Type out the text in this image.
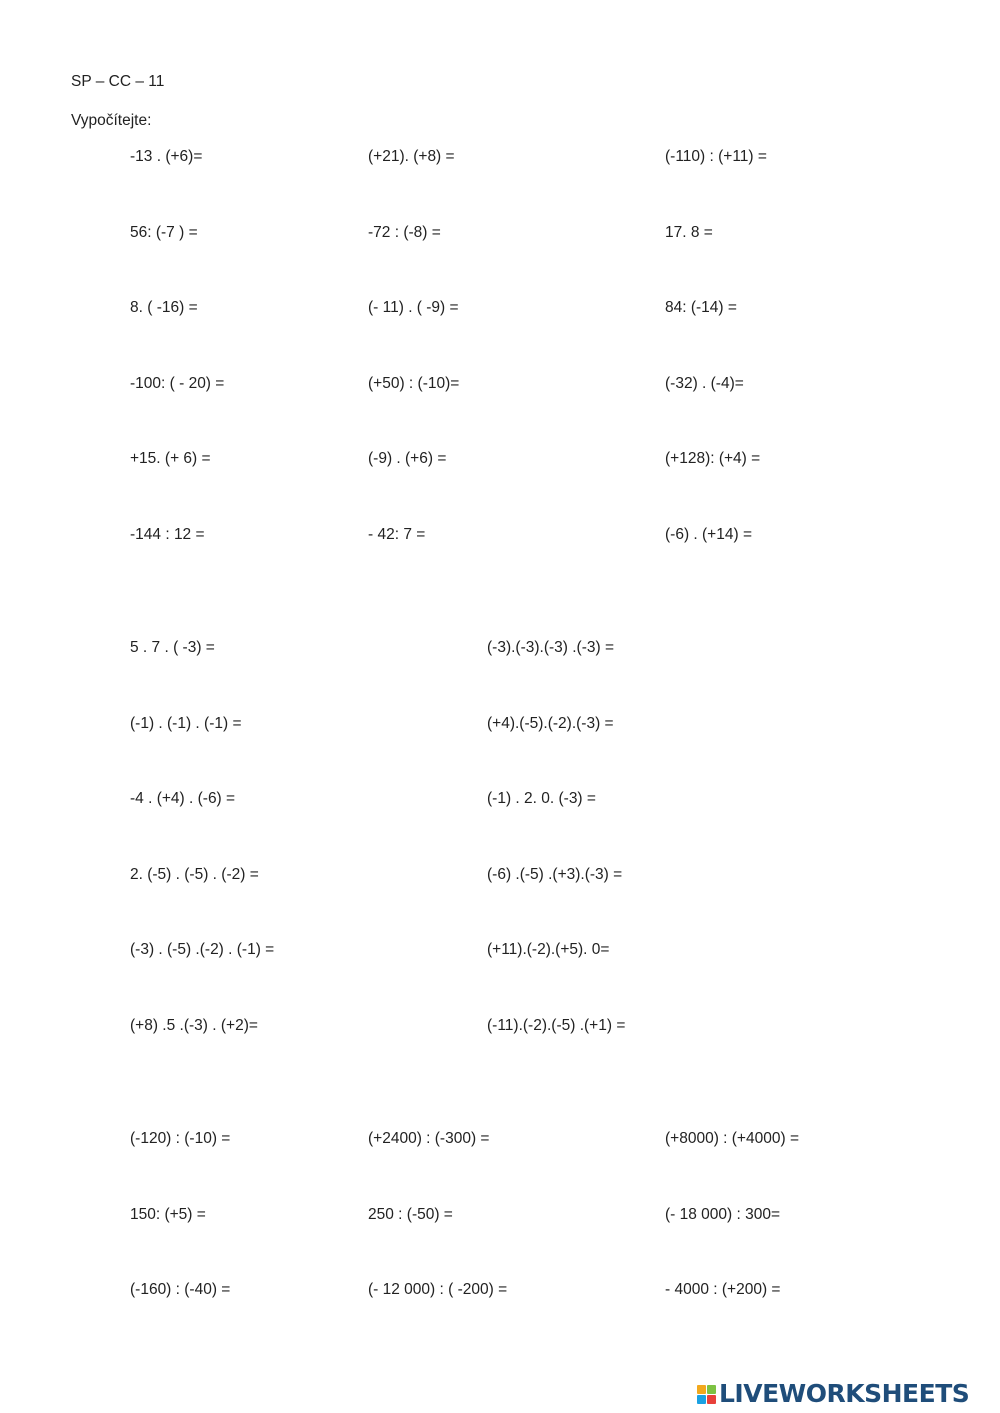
SP – CC – 11
Vypočítejte:
-13 . (+6)=	(+21). (+8) =	(-110) : (+11) =
56: (-7 ) =	-72 : (-8) =	17. 8 =
8. ( -16) =	(- 11) . ( -9) =	84: (-14) =
-100: ( - 20) =	(+50) : (-10)=	(-32) . (-4)=
+15. (+ 6) =	(-9) . (+6) =	(+128): (+4) =
-144 : 12 =	- 42: 7 =	(-6) . (+14) =
5 . 7 . ( -3) =	(-3).(-3).(-3) .(-3) =
(-1) . (-1) . (-1) =	(+4).(-5).(-2).(-3) =
-4 . (+4) . (-6) =	(-1) . 2. 0. (-3) =
2. (-5) . (-5) . (-2) =	(-6) .(-5) .(+3).(-3) =
(-3) . (-5) .(-2) . (-1) =	(+11).(-2).(+5). 0=
(+8) .5 .(-3) . (+2)=	(-11).(-2).(-5) .(+1) =
(-120) : (-10) =	(+2400) : (-300) =	(+8000) : (+4000) =
150: (+5) =	250 : (-50) =	(- 18 000) : 300=
(-160) : (-40) =	(- 12 000) : ( -200) =	- 4000 : (+200) =
LIVEWORKSHEETS
